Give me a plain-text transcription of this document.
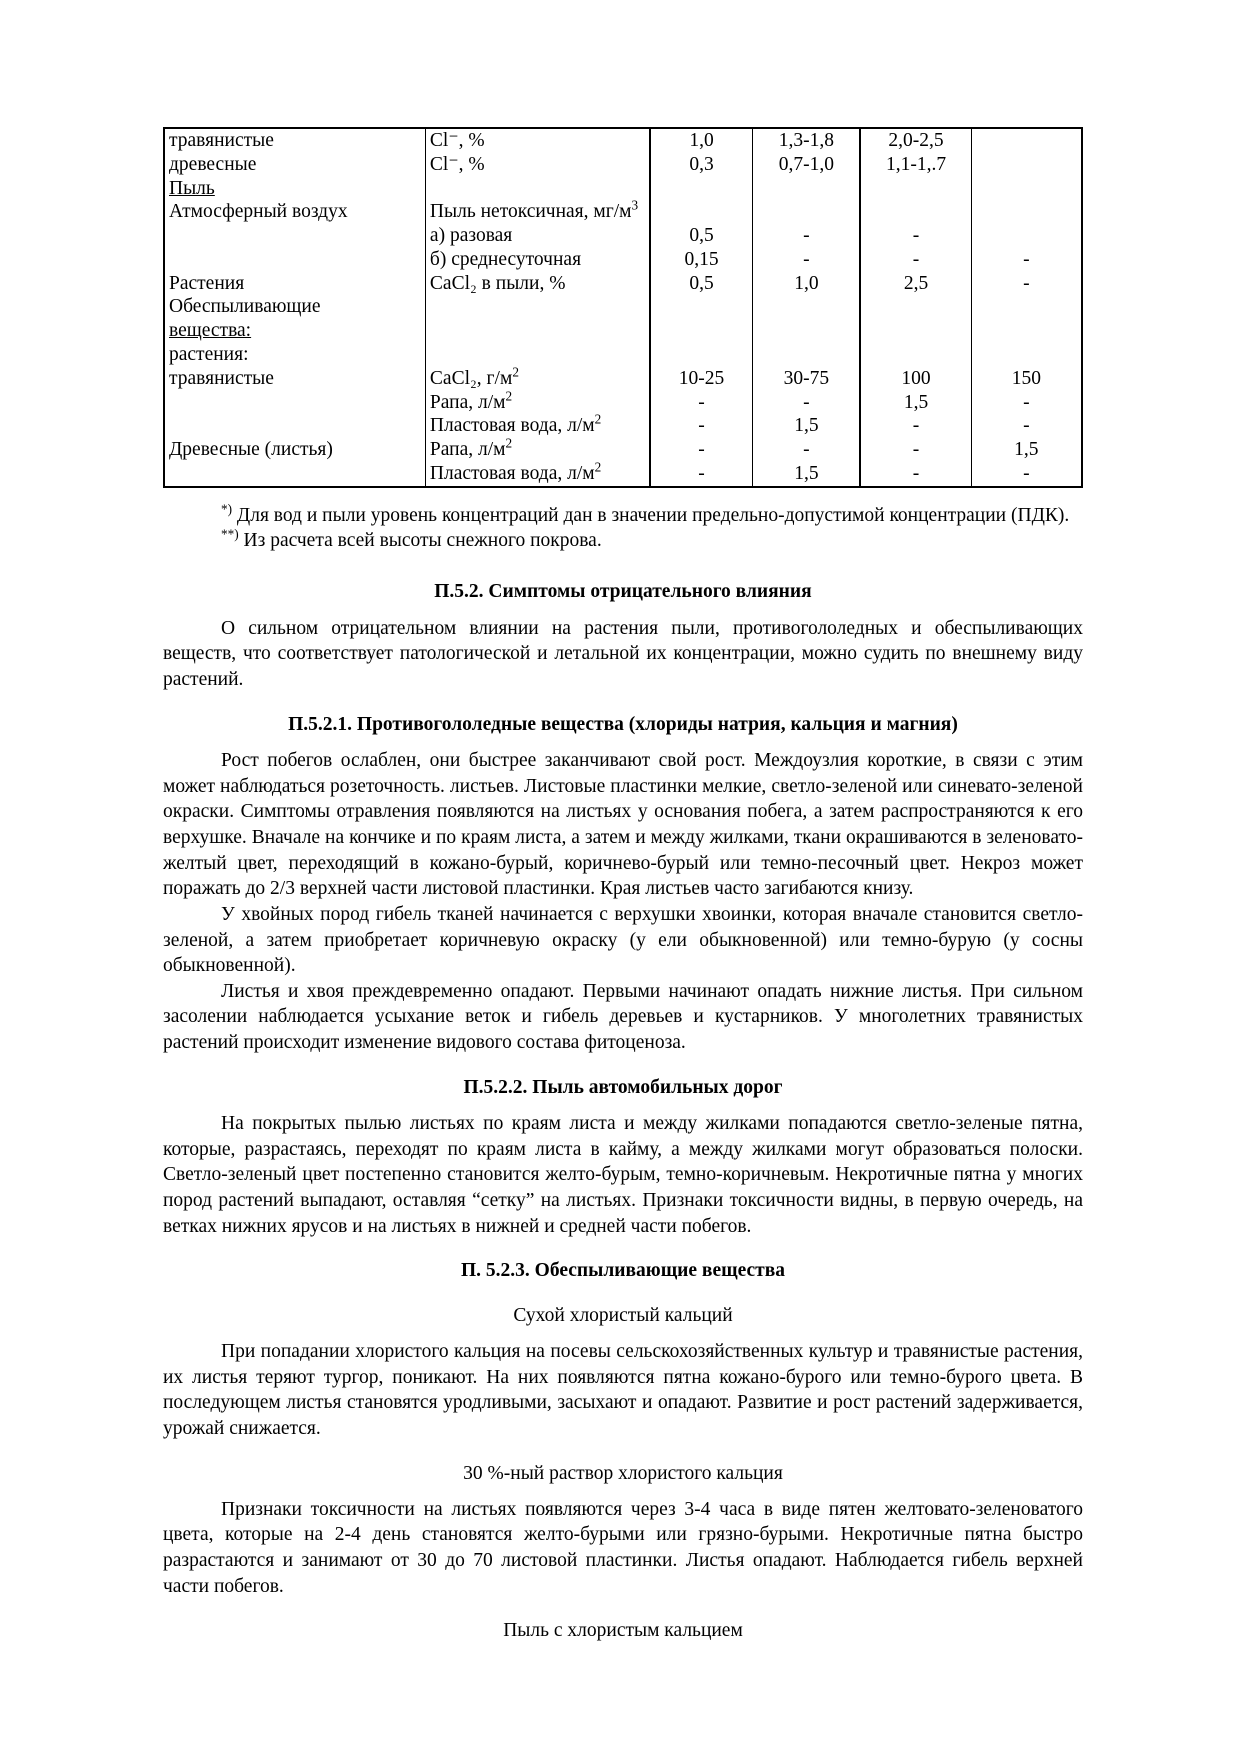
травянистые	Cl⁻, %	1,0	1,3-1,8	2,0-2,5	
древесные	Cl⁻, %	0,3	0,7-1,0	1,1-1,.7	
Пыль					
Атмосферный воздух	Пыль нетоксичная, $мг/м^3$				
	а) разовая	0,5	-	-	
	б) среднесуточная	0,15	-	-	-
Растения	CaCl₂ в пыли, %	0,5	1,0	2,5	-
Обеспыливающие					
вещества:					
растения:					
травянистые	CaCl₂, $г/м^2$	10-25	30-75	100	150
	Рапа, $л/м^2$	-	-	1,5	-
	Пластовая вода, $л/м^2$	-	1,5	-	-
Древесные (листья)	Рапа, $л/м^2$	-	-	-	1,5
	Пластовая вода, $л/м^2$	-	1,5	-	-

*) Для вод и пыли уровень концентраций дан в значении предельно-допустимой концентрации (ПДК).

**) Из расчета всей высоты снежного покрова.

П.5.2. Симптомы отрицательного влияния

О сильном отрицательном влиянии на растения пыли, противогололедных и обеспыливающих веществ, что соответствует патологической и летальной их концентрации, можно судить по внешнему виду растений.

П.5.2.1. Противогололедные вещества (хлориды натрия, кальция и магния)

Рост побегов ослаблен, они быстрее заканчивают свой рост. Междоузлия короткие, в связи с этим может наблюдаться розеточность. листьев. Листовые пластинки мелкие, светло-зеленой или синевато-зеленой окраски. Симптомы отравления появляются на листьях у основания побега, а затем распространяются к его верхушке. Вначале на кончике и по краям листа, а затем и между жилками, ткани окрашиваются в зеленовато-желтый цвет, переходящий в кожано-бурый, коричнево-бурый или темно-песочный цвет. Некроз может поражать до 2/3 верхней части листовой пластинки. Края листьев часто загибаются книзу.

У хвойных пород гибель тканей начинается с верхушки хвоинки, которая вначале становится светло-зеленой, а затем приобретает коричневую окраску (у ели обыкновенной) или темно-бурую (у сосны обыкновенной).

Листья и хвоя преждевременно опадают. Первыми начинают опадать нижние листья. При сильном засолении наблюдается усыхание веток и гибель деревьев и кустарников. У многолетних травянистых растений происходит изменение видового состава фитоценоза.

П.5.2.2. Пыль автомобильных дорог

На покрытых пылью листьях по краям листа и между жилками попадаются светло-зеленые пятна, которые, разрастаясь, переходят по краям листа в кайму, а между жилками могут образоваться полоски. Светло-зеленый цвет постепенно становится желто-бурым, темно-коричневым. Некротичные пятна у многих пород растений выпадают, оставляя “сетку” на листьях. Признаки токсичности видны, в первую очередь, на ветках нижних ярусов и на листьях в нижней и средней части побегов.

П. 5.2.3. Обеспыливающие вещества

Сухой хлористый кальций

При попадании хлористого кальция на посевы сельскохозяйственных культур и травянистые растения, их листья теряют тургор, поникают. На них появляются пятна кожано-бурого или темно-бурого цвета. В последующем листья становятся уродливыми, засыхают и опадают. Развитие и рост растений задерживается, урожай снижается.

30 %-ный раствор хлористого кальция

Признаки токсичности на листьях появляются через 3-4 часа в виде пятен желтовато-зеленоватого цвета, которые на 2-4 день становятся желто-бурыми или грязно-бурыми. Некротичные пятна быстро разрастаются и занимают от 30 до 70 листовой пластинки. Листья опадают. Наблюдается гибель верхней части побегов.

Пыль с хлористым кальцием
